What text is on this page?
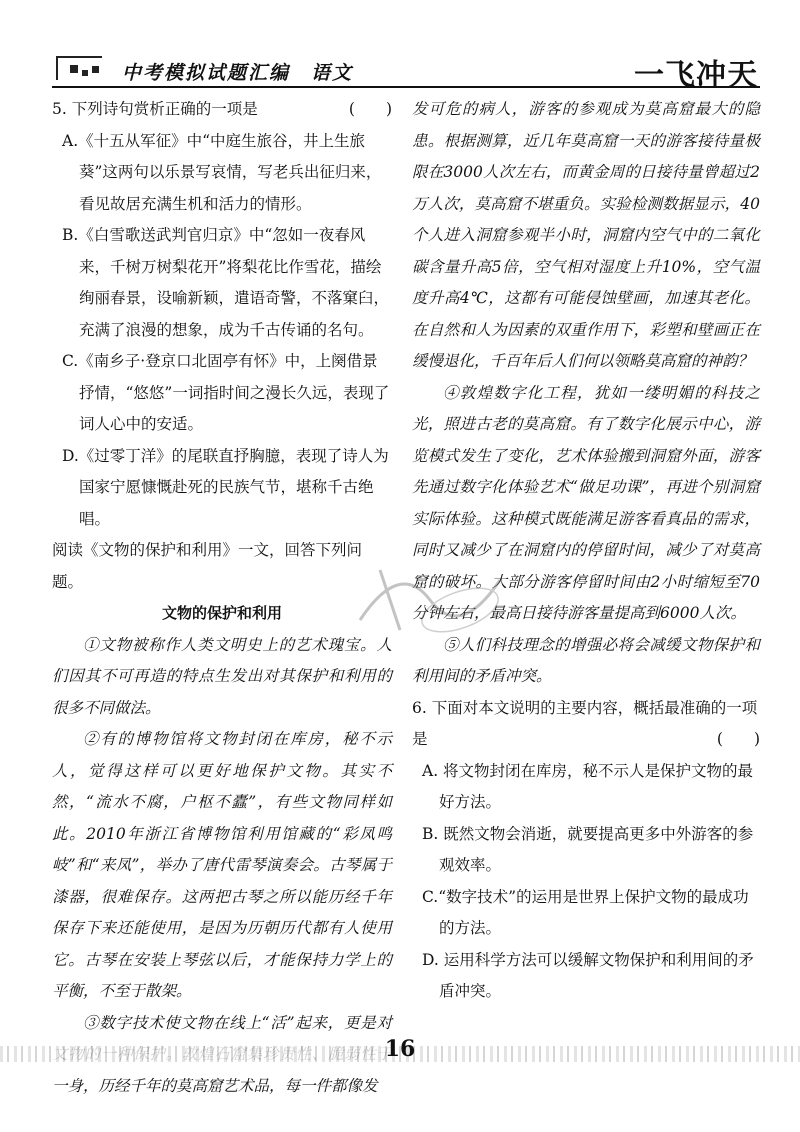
中考模拟试题汇编　语文	一飞冲天
5. 下列诗句赏析正确的一项是	(　　)

A.《十五从军征》中“中庭生旅谷，井上生旅葵”这两句以乐景写哀情，写老兵出征归来，看见故居充满生机和活力的情形。

B.《白雪歌送武判官归京》中“忽如一夜春风来，千树万树梨花开”将梨花比作雪花，描绘绚丽春景，设喻新颖，遣语奇警，不落窠臼，充满了浪漫的想象，成为千古传诵的名句。

C.《南乡子·登京口北固亭有怀》中，上阕借景抒情，“悠悠”一词指时间之漫长久远，表现了词人心中的安适。

D.《过零丁洋》的尾联直抒胸臆，表现了诗人为国家宁愿慷慨赴死的民族气节，堪称千古绝唱。

阅读《文物的保护和利用》一文，回答下列问题。

文物的保护和利用

①文物被称作人类文明史上的艺术瑰宝。人们因其不可再造的特点生发出对其保护和利用的很多不同做法。

②有的博物馆将文物封闭在库房，秘不示人，觉得这样可以更好地保护文物。其实不然，“流水不腐，户枢不蠹”，有些文物同样如此。2010年浙江省博物馆利用馆藏的“彩凤鸣岐”和“来凤”，举办了唐代雷琴演奏会。古琴属于漆器，很难保存。这两把古琴之所以能历经千年保存下来还能使用，是因为历朝历代都有人使用它。古琴在安装上琴弦以后，才能保持力学上的平衡，不至于散架。

③数字技术使文物在线上“活”起来，更是对 一身，历经千年的莫高窟艺术品，每一件都像发

发可危的病人，游客的参观成为莫高窟最大的隐患。根据测算，近几年莫高窟一天的游客接待量极限在3000人次左右，而黄金周的日接待量曾超过2万人次，莫高窟不堪重负。实验检测数据显示，40个人进入洞窟参观半小时，洞窟内空气中的二氧化碳含量升高5倍，空气相对湿度上升10%，空气温度升高4℃，这都有可能侵蚀壁画，加速其老化。在自然和人为因素的双重作用下，彩塑和壁画正在缓慢退化，千百年后人们何以领略莫高窟的神韵？

④敦煌数字化工程，犹如一缕明媚的科技之光，照进古老的莫高窟。有了数字化展示中心，游览模式发生了变化，艺术体验搬到洞窟外面，游客先通过数字化体验艺术“做足功课”，再进个别洞窟实际体验。这种模式既能满足游客看真品的需求，同时又减少了在洞窟内的停留时间，减少了对莫高窟的破坏。大部分游客停留时间由2小时缩短至70分钟左右，最高日接待游客量提高到6000人次。

⑤人们科技理念的增强必将会减缓文物保护和利用间的矛盾冲突。

6. 下面对本文说明的主要内容，概括最准确的一项是	(　　)

A. 将文物封闭在库房，秘不示人是保护文物的最好方法。

B. 既然文物会消逝，就要提高更多中外游客的参观效率。

C.“数字技术”的运用是世界上保护文物的最成功的方法。

D. 运用科学方法可以缓解文物保护和利用间的矛盾冲突。

16
